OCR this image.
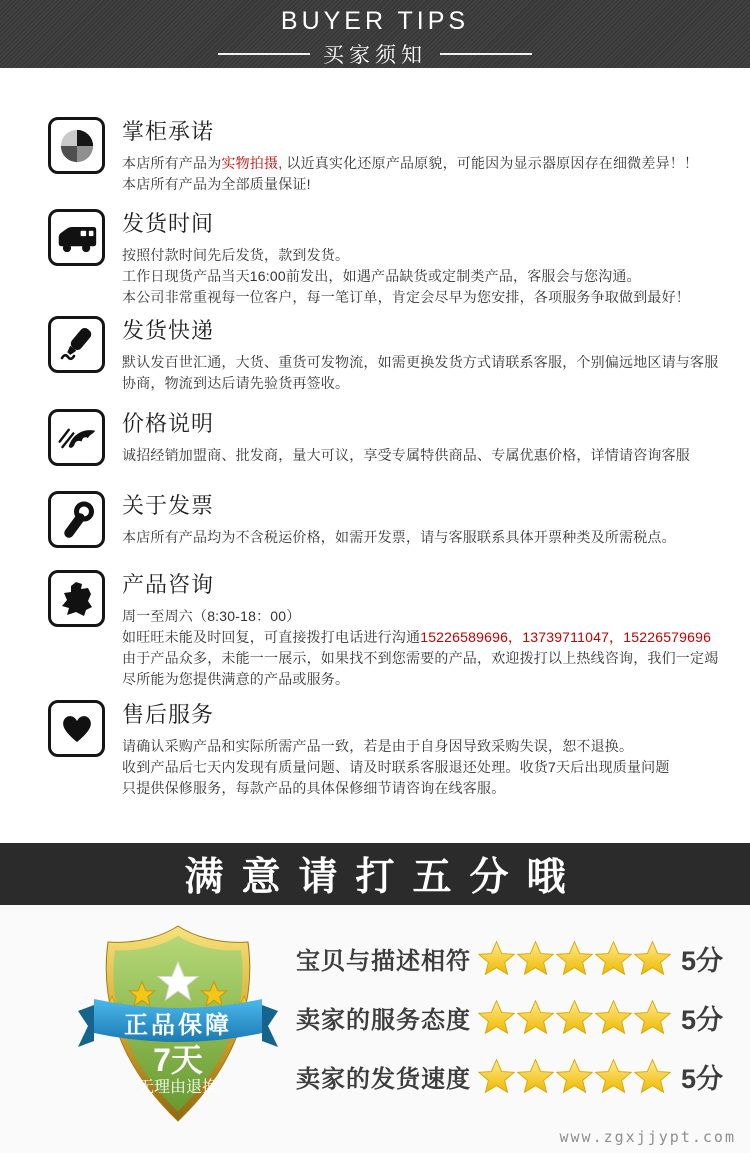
BUYER TIPS
买家须知
掌柜承诺
本店所有产品为实物拍摄, 以近真实化还原产品原貌，可能因为显示器原因存在细微差异！！
本店所有产品为全部质量保证!
发货时间
按照付款时间先后发货，款到发货。
工作日现货产品当天16:00前发出，如遇产品缺货或定制类产品，客服会与您沟通。
本公司非常重视每一位客户，每一笔订单，肯定会尽早为您安排，各项服务争取做到最好！
发货快递
默认发百世汇通，大货、重货可发物流，如需更换发货方式请联系客服，个别偏远地区请与客服协商，物流到达后请先验货再签收。
价格说明
诚招经销加盟商、批发商，量大可议，享受专属特供商品、专属优惠价格，详情请咨询客服
关于发票
本店所有产品均为不含税运价格，如需开发票，请与客服联系具体开票种类及所需税点。
产品咨询
周一至周六（8:30-18：00）
如旺旺未能及时回复，可直接拨打电话进行沟通15226589696，13739711047，15226579696
由于产品众多，未能一一展示，如果找不到您需要的产品，欢迎拨打以上热线咨询，我们一定竭尽所能为您提供满意的产品或服务。
售后服务
请确认采购产品和实际所需产品一致，若是由于自身因导致采购失误，恕不退换。
收到产品后七天内发现有质量问题、请及时联系客服退还处理。收货7天后出现质量问题
只提供保修服务，每款产品的具体保修细节请咨询在线客服。
满意请打五分哦
正品保障
7天
无理由退换
宝贝与描述相符	5分
卖家的服务态度	5分
卖家的发货速度	5分
www.zgxjjypt.com
